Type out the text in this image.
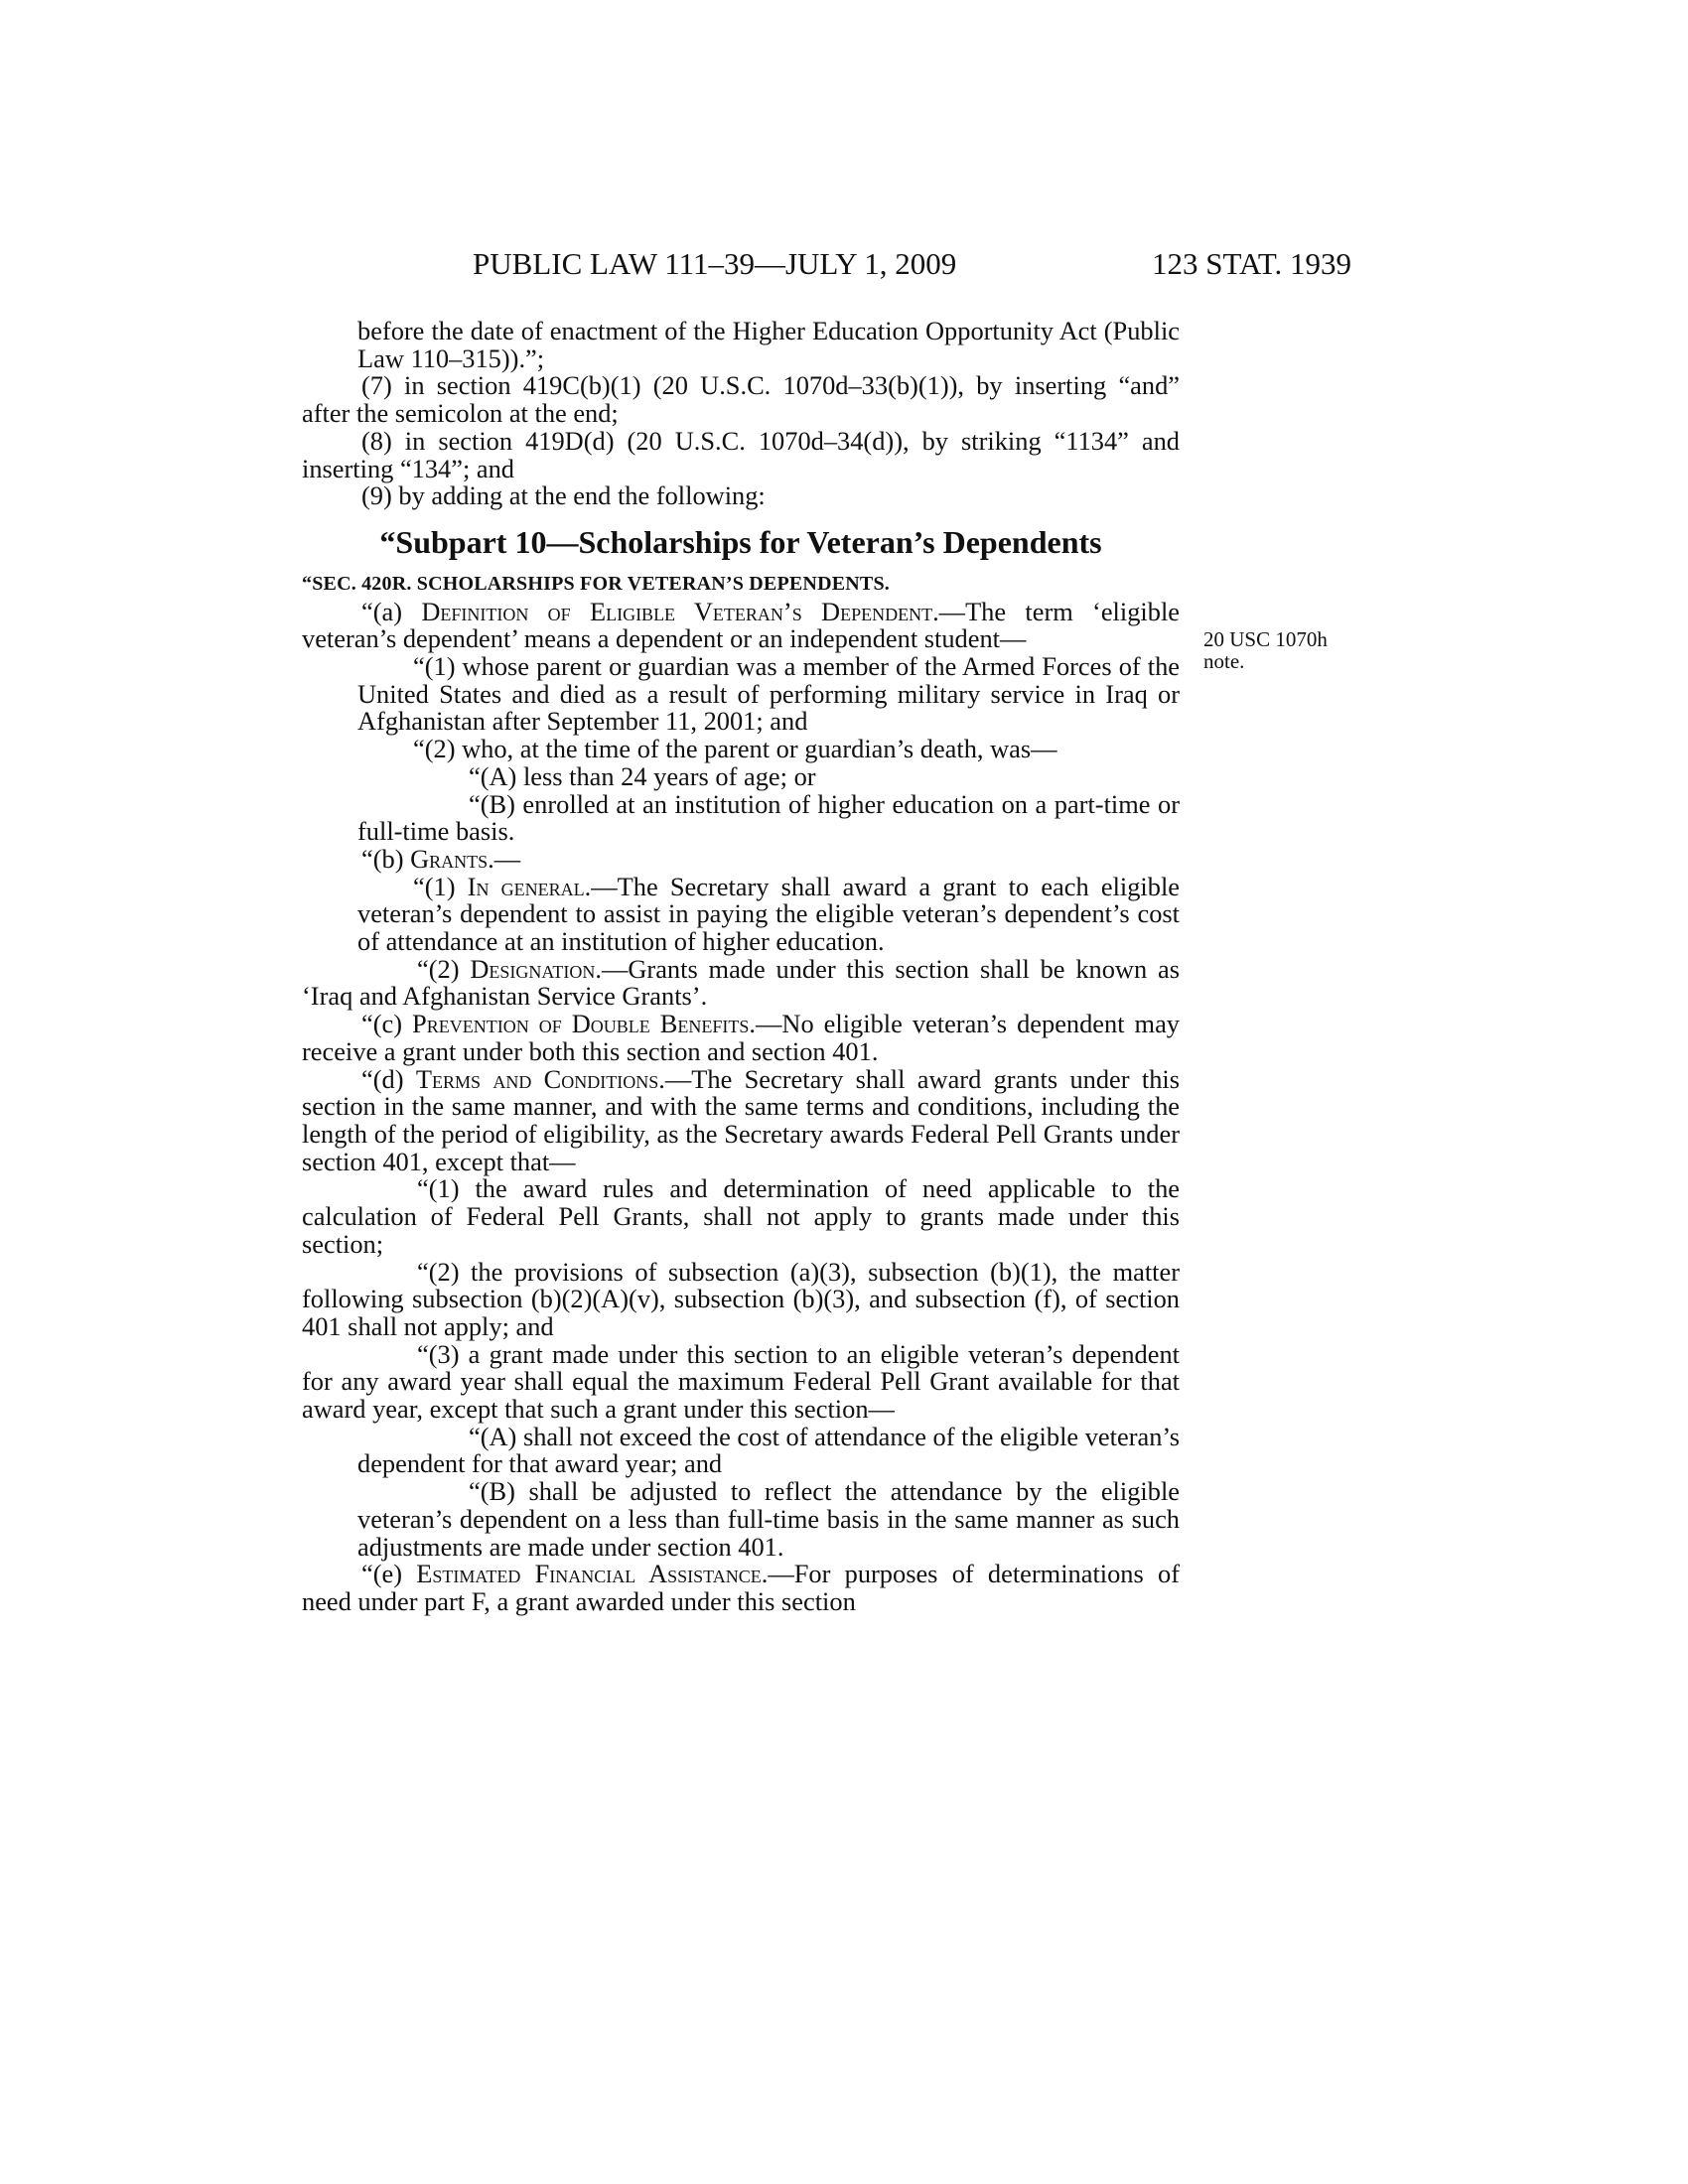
PUBLIC LAW 111–39—JULY 1, 2009	123 STAT. 1939
20 USC 1070h
note.

before the date of enactment of the Higher Education Opportunity Act (Public Law 110–315)).”;

(7) in section 419C(b)(1) (20 U.S.C. 1070d–33(b)(1)), by inserting “and” after the semicolon at the end;

(8) in section 419D(d) (20 U.S.C. 1070d–34(d)), by striking “1134” and inserting “134”; and

(9) by adding at the end the following:

“Subpart 10—Scholarships for Veteran’s Dependents
“SEC. 420R. SCHOLARSHIPS FOR VETERAN’S DEPENDENTS.

“(a) Definition of Eligible Veteran’s Dependent.—The term ‘eligible veteran’s dependent’ means a dependent or an independent student—

“(1) whose parent or guardian was a member of the Armed Forces of the United States and died as a result of performing military service in Iraq or Afghanistan after September 11, 2001; and

“(2) who, at the time of the parent or guardian’s death, was—

“(A) less than 24 years of age; or

“(B) enrolled at an institution of higher education on a part-time or full-time basis.

“(b) Grants.—

“(1) In general.—The Secretary shall award a grant to each eligible veteran’s dependent to assist in paying the eligible veteran’s dependent’s cost of attendance at an institution of higher education.

“(2) Designation.—Grants made under this section shall be known as ‘Iraq and Afghanistan Service Grants’.

“(c) Prevention of Double Benefits.—No eligible veteran’s dependent may receive a grant under both this section and section 401.

“(d) Terms and Conditions.—The Secretary shall award grants under this section in the same manner, and with the same terms and conditions, including the length of the period of eligibility, as the Secretary awards Federal Pell Grants under section 401, except that—

“(1) the award rules and determination of need applicable to the calculation of Federal Pell Grants, shall not apply to grants made under this section;

“(2) the provisions of subsection (a)(3), subsection (b)(1), the matter following subsection (b)(2)(A)(v), subsection (b)(3), and subsection (f), of section 401 shall not apply; and

“(3) a grant made under this section to an eligible veteran’s dependent for any award year shall equal the maximum Federal Pell Grant available for that award year, except that such a grant under this section—

“(A) shall not exceed the cost of attendance of the eligible veteran’s dependent for that award year; and

“(B) shall be adjusted to reflect the attendance by the eligible veteran’s dependent on a less than full-time basis in the same manner as such adjustments are made under section 401.

“(e) Estimated Financial Assistance.—For purposes of determinations of need under part F, a grant awarded under this section
